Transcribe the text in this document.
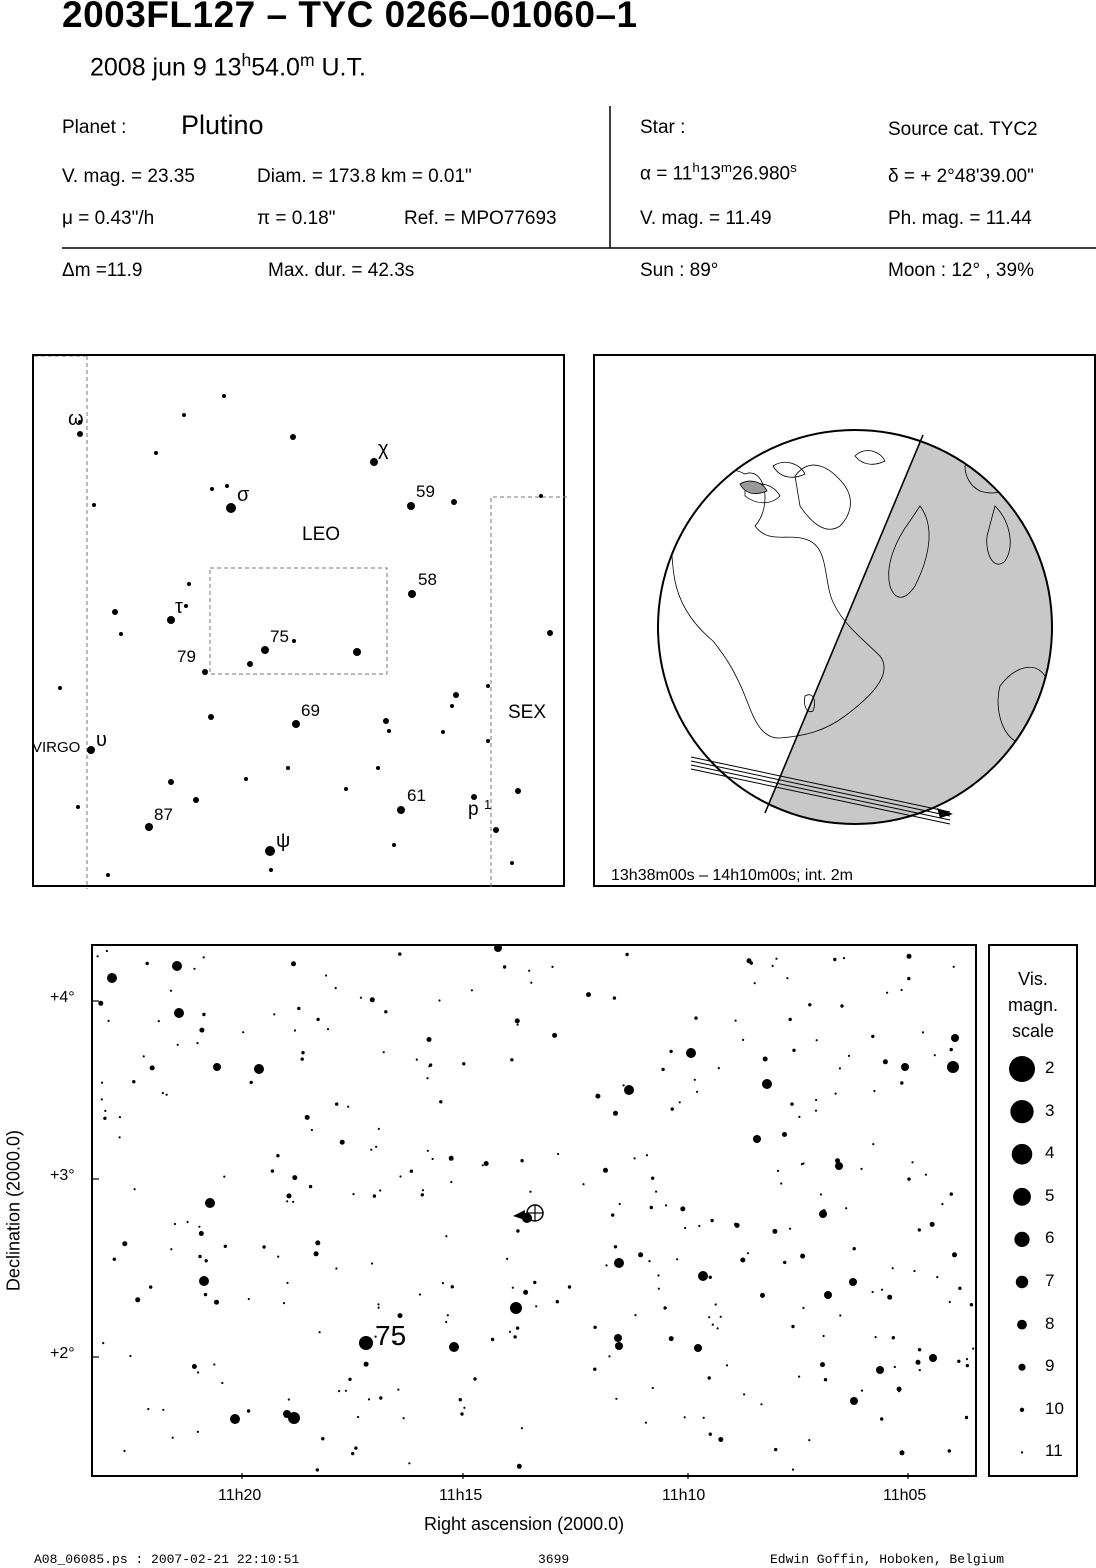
2003FL127 – TYC 0266–01060–1
2008 jun 9 13$^h$54.0$^m$ U.T.
Planet : Plutino
V. mag. = 23.35	Diam. = 173.8 km = 0.01"
μ = 0.43"/h	π = 0.18"	Ref. = MPO77693
Δm =11.9	Max. dur. = 42.3s
Star :	Source cat. TYC2
$\alpha = 11^h13^m26.980^s$	δ = + 2°48'39.00"
V. mag. = 11.49	Ph. mag. = 11.44
Sun : 89°	Moon : 12° , 39%
LEO
SEX
VIRGO
ω
χ
σ	59
58
τ
75
79
69
υ
61
p 1
87
ψ
13h38m00s – 14h10m00s; int. 2m
75
+4°
+3°
+2°
11h20	11h15	11h10	11h05
Right ascension (2000.0)
Declination (2000.0)
Vis.
magn.
scale
2
3
4
5
6
7
8
9
10
11
A08_06085.ps : 2007-02-21 22:10:51	3699	Edwin Goffin, Hoboken, Belgium
